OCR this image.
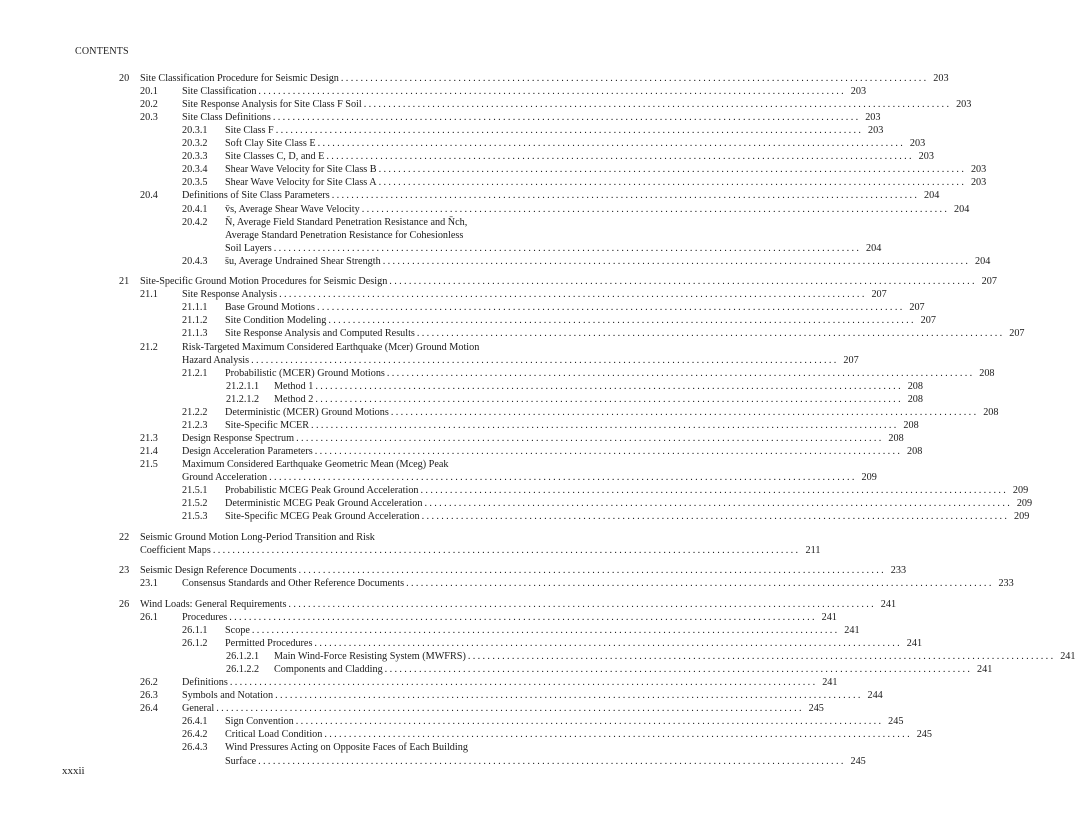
CONTENTS
20 Site Classification Procedure for Seismic Design ........................................................................................................................ 203
20.1 Site Classification ........................................................................................................................ 203
20.2 Site Response Analysis for Site Class F Soil ........................................................................................................................ 203
20.3 Site Class Definitions ........................................................................................................................ 203
20.3.1 Site Class F ........................................................................................................................ 203
20.3.2 Soft Clay Site Class E ........................................................................................................................ 203
20.3.3 Site Classes C, D, and E ........................................................................................................................ 203
20.3.4 Shear Wave Velocity for Site Class B ........................................................................................................................ 203
20.3.5 Shear Wave Velocity for Site Class A ........................................................................................................................ 203
20.4 Definitions of Site Class Parameters ........................................................................................................................ 204
20.4.1 v̄s, Average Shear Wave Velocity ........................................................................................................................ 204
20.4.2 N̄, Average Field Standard Penetration Resistance and N̄ch,
Average Standard Penetration Resistance for Cohesionless
Soil Layers ........................................................................................................................ 204
20.4.3 s̄u, Average Undrained Shear Strength ........................................................................................................................ 204
21 Site-Specific Ground Motion Procedures for Seismic Design ........................................................................................................................ 207
21.1 Site Response Analysis ........................................................................................................................ 207
21.1.1 Base Ground Motions ........................................................................................................................ 207
21.1.2 Site Condition Modeling ........................................................................................................................ 207
21.1.3 Site Response Analysis and Computed Results ........................................................................................................................ 207
21.2 Risk-Targeted Maximum Considered Earthquake (Mcer) Ground Motion
Hazard Analysis ........................................................................................................................ 207
21.2.1 Probabilistic (MCER) Ground Motions ........................................................................................................................ 208
21.2.1.1 Method 1 ........................................................................................................................ 208
21.2.1.2 Method 2 ........................................................................................................................ 208
21.2.2 Deterministic (MCER) Ground Motions ........................................................................................................................ 208
21.2.3 Site-Specific MCER ........................................................................................................................ 208
21.3 Design Response Spectrum ........................................................................................................................ 208
21.4 Design Acceleration Parameters ........................................................................................................................ 208
21.5 Maximum Considered Earthquake Geometric Mean (Mceg) Peak
Ground Acceleration ........................................................................................................................ 209
21.5.1 Probabilistic MCEG Peak Ground Acceleration ........................................................................................................................ 209
21.5.2 Deterministic MCEG Peak Ground Acceleration ........................................................................................................................ 209
21.5.3 Site-Specific MCEG Peak Ground Acceleration ........................................................................................................................ 209
22 Seismic Ground Motion Long-Period Transition and Risk
Coefficient Maps ........................................................................................................................ 211
23 Seismic Design Reference Documents ........................................................................................................................ 233
23.1 Consensus Standards and Other Reference Documents ........................................................................................................................ 233
26 Wind Loads: General Requirements ........................................................................................................................ 241
26.1 Procedures ........................................................................................................................ 241
26.1.1 Scope ........................................................................................................................ 241
26.1.2 Permitted Procedures ........................................................................................................................ 241
26.1.2.1 Main Wind-Force Resisting System (MWFRS) ........................................................................................................................ 241
26.1.2.2 Components and Cladding ........................................................................................................................ 241
26.2 Definitions ........................................................................................................................ 241
26.3 Symbols and Notation ........................................................................................................................ 244
26.4 General ........................................................................................................................ 245
26.4.1 Sign Convention ........................................................................................................................ 245
26.4.2 Critical Load Condition ........................................................................................................................ 245
26.4.3 Wind Pressures Acting on Opposite Faces of Each Building
Surface ........................................................................................................................ 245
xxxii
